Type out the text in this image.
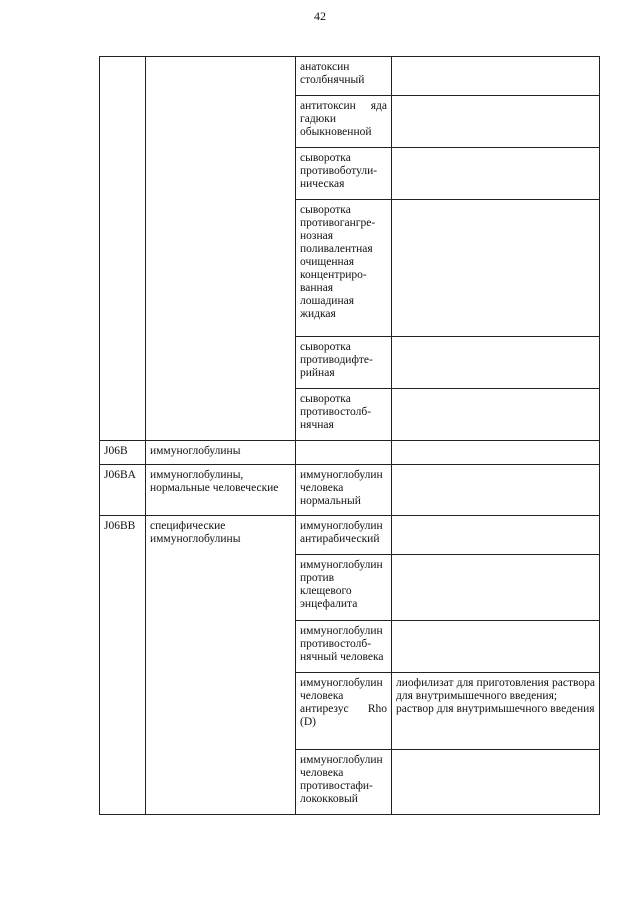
42

		анатоксин столбнячный	

		антитоксин яда гадюки обыкновенной	

		сыворотка противоботули-ническая	

		сыворотка противогангре-нозная поливалентная очищенная концентриро-ванная лошадиная жидкая	

		сыворотка противодифте-рийная	

		сыворотка противостолб-нячная	

J06B	иммуноглобулины		

J06BA	иммуноглобулины, нормальные человеческие	иммуноглобулин человека нормальный	

J06BB	специфические иммуноглобулины	иммуноглобулин антирабический	

		иммуноглобулин против клещевого энцефалита	

		иммуноглобулин противостолб-нячный человека	

		иммуноглобулин человека антирезус Rho (D)	лиофилизат для приготовления раствора для внутримышечного введения;
раствор для внутримышечного введения

		иммуноглобулин человека противостафи-лококковый	
